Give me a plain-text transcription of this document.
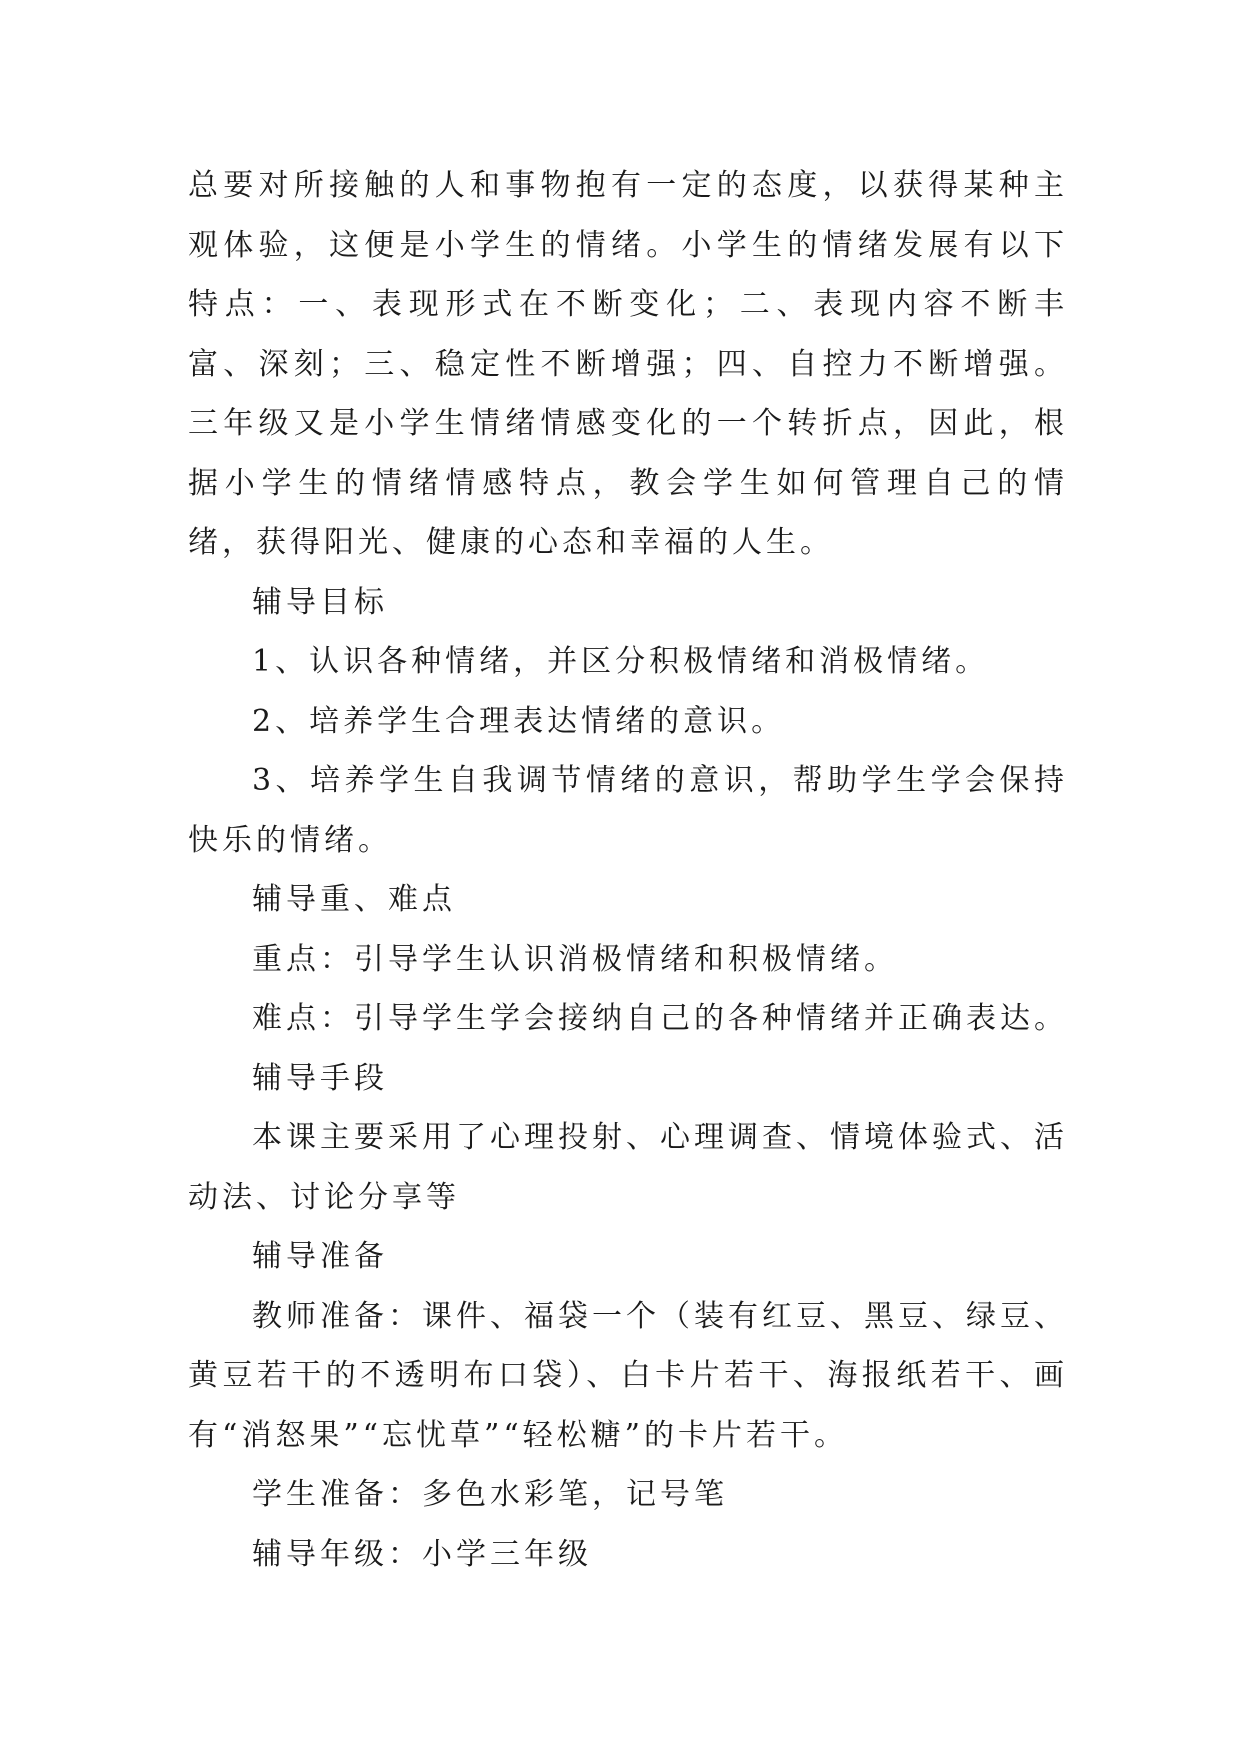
总要对所接触的人和事物抱有一定的态度，以获得某种主观体验，这便是小学生的情绪。小学生的情绪发展有以下特点：一、表现形式在不断变化；二、表现内容不断丰富、深刻；三、稳定性不断增强；四、自控力不断增强。三年级又是小学生情绪情感变化的一个转折点，因此，根据小学生的情绪情感特点，教会学生如何管理自己的情绪，获得阳光、健康的心态和幸福的人生。

辅导目标

1、认识各种情绪，并区分积极情绪和消极情绪。

2、培养学生合理表达情绪的意识。

3、培养学生自我调节情绪的意识，帮助学生学会保持快乐的情绪。

辅导重、难点

重点：引导学生认识消极情绪和积极情绪。

难点：引导学生学会接纳自己的各种情绪并正确表达。

辅导手段

本课主要采用了心理投射、心理调查、情境体验式、活动法、讨论分享等

辅导准备

教师准备：课件、福袋一个（装有红豆、黑豆、绿豆、黄豆若干的不透明布口袋）、白卡片若干、海报纸若干、画有“消怒果”“忘忧草”“轻松糖”的卡片若干。

学生准备：多色水彩笔，记号笔

辅导年级：小学三年级
